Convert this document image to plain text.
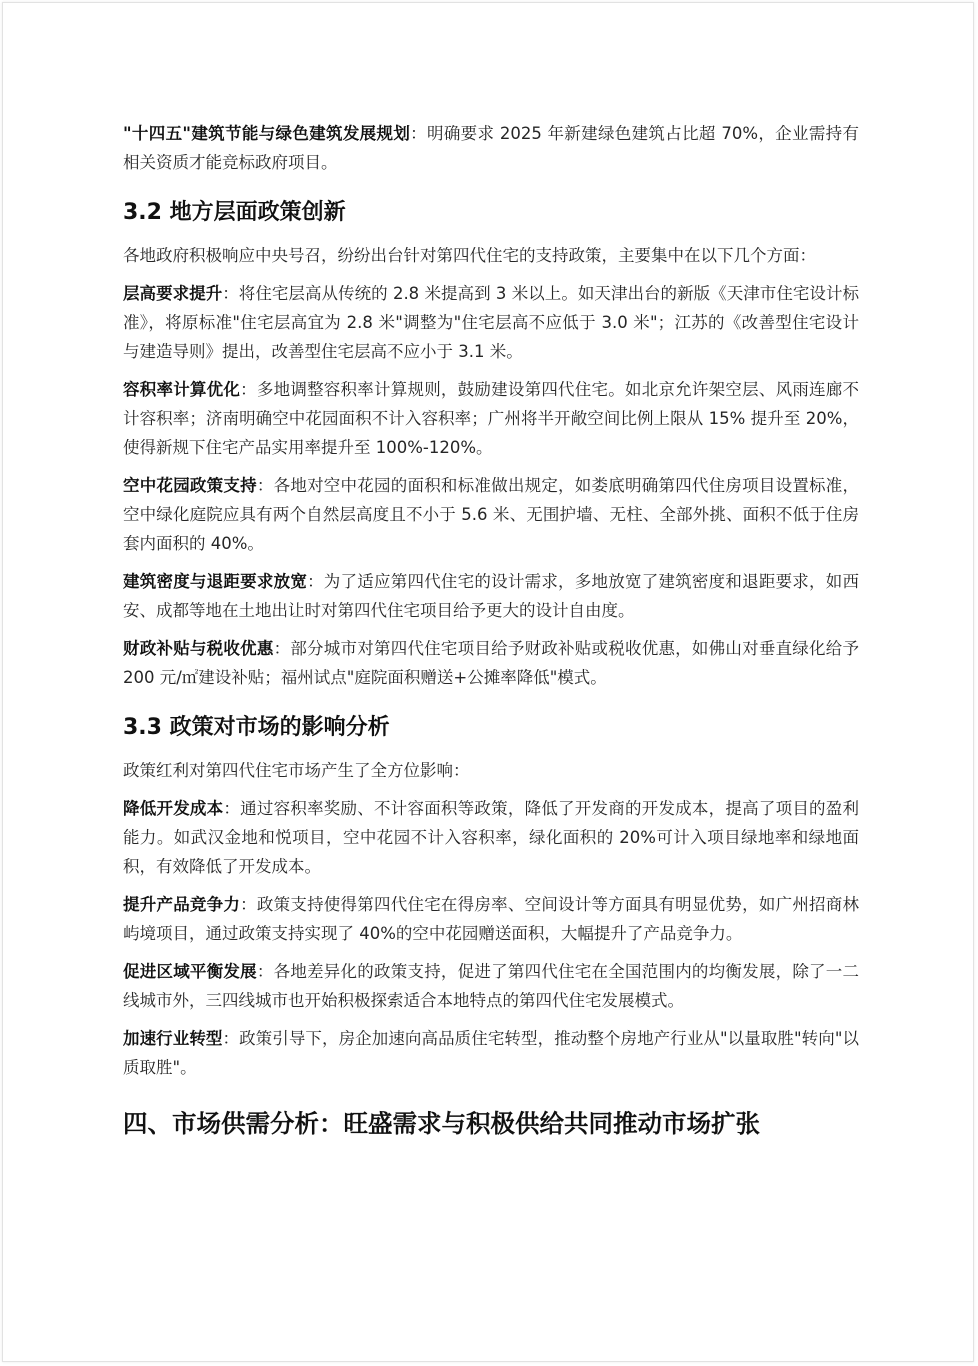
"十四五"建筑节能与绿色建筑发展规划：明确要求 2025 年新建绿色建筑占比超 70%，企业需持有相关资质才能竞标政府项目。

3.2 地方层面政策创新

各地政府积极响应中央号召，纷纷出台针对第四代住宅的支持政策，主要集中在以下几个方面：

层高要求提升：将住宅层高从传统的 2.8 米提高到 3 米以上。如天津出台的新版《天津市住宅设计标准》，将原标准"住宅层高宜为 2.8 米"调整为"住宅层高不应低于 3.0 米"；江苏的《改善型住宅设计与建造导则》提出，改善型住宅层高不应小于 3.1 米。

容积率计算优化：多地调整容积率计算规则，鼓励建设第四代住宅。如北京允许架空层、风雨连廊不计容积率；济南明确空中花园面积不计入容积率；广州将半开敞空间比例上限从 15% 提升至 20%，使得新规下住宅产品实用率提升至 100%-120%。

空中花园政策支持：各地对空中花园的面积和标准做出规定，如娄底明确第四代住房项目设置标准，空中绿化庭院应具有两个自然层高度且不小于 5.6 米、无围护墙、无柱、全部外挑、面积不低于住房套内面积的 40%。

建筑密度与退距要求放宽：为了适应第四代住宅的设计需求，多地放宽了建筑密度和退距要求，如西安、成都等地在土地出让时对第四代住宅项目给予更大的设计自由度。

财政补贴与税收优惠：部分城市对第四代住宅项目给予财政补贴或税收优惠，如佛山对垂直绿化给予 200 元/㎡建设补贴；福州试点"庭院面积赠送+公摊率降低"模式。

3.3 政策对市场的影响分析

政策红利对第四代住宅市场产生了全方位影响：

降低开发成本：通过容积率奖励、不计容面积等政策，降低了开发商的开发成本，提高了项目的盈利能力。如武汉金地和悦项目，空中花园不计入容积率，绿化面积的 20%可计入项目绿地率和绿地面积，有效降低了开发成本。

提升产品竞争力：政策支持使得第四代住宅在得房率、空间设计等方面具有明显优势，如广州招商林屿境项目，通过政策支持实现了 40%的空中花园赠送面积，大幅提升了产品竞争力。

促进区域平衡发展：各地差异化的政策支持，促进了第四代住宅在全国范围内的均衡发展，除了一二线城市外，三四线城市也开始积极探索适合本地特点的第四代住宅发展模式。

加速行业转型：政策引导下，房企加速向高品质住宅转型，推动整个房地产行业从"以量取胜"转向"以质取胜"。

四、市场供需分析：旺盛需求与积极供给共同推动市场扩张
